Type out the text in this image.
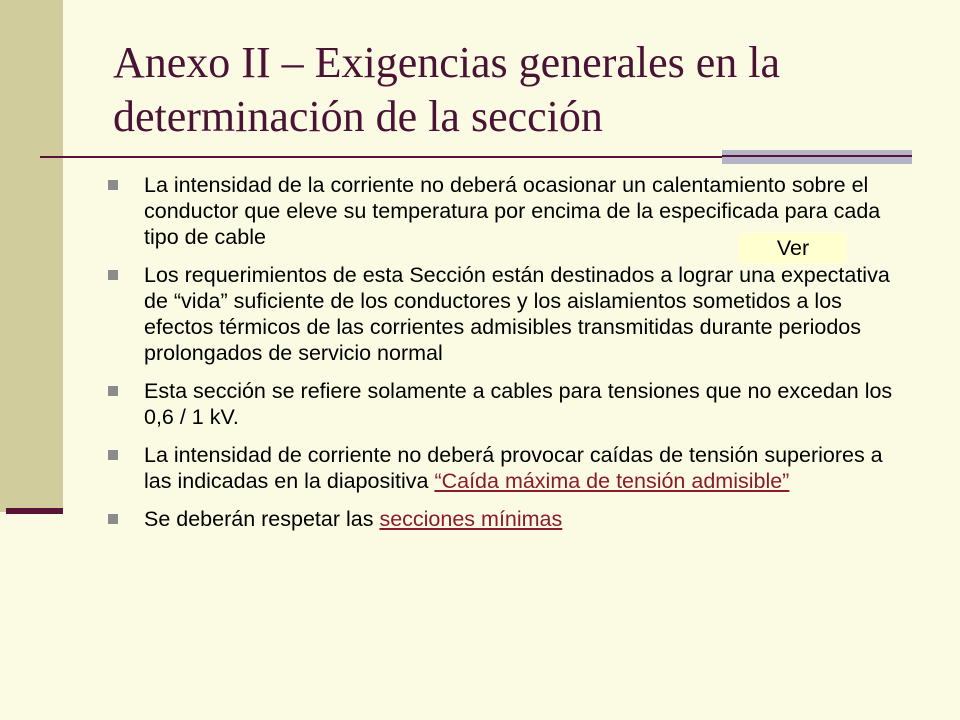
Anexo II – Exigencias generales en la determinación de la sección
La intensidad de la corriente no deberá ocasionar un calentamiento sobre el conductor que eleve su temperatura por encima de la especificada para cada tipo de cable
Los requerimientos de esta Sección están destinados a lograr una expectativa de “vida” suficiente de los conductores y los aislamientos sometidos a los efectos térmicos de las corrientes admisibles transmitidas durante periodos prolongados de servicio normal
Esta sección se refiere solamente a cables para tensiones que no excedan los 0,6 / 1 kV.
La intensidad de corriente no deberá provocar caídas de tensión superiores a las indicadas en la diapositiva “Caída máxima de tensión admisible”
Se deberán respetar las secciones mínimas
Ver
